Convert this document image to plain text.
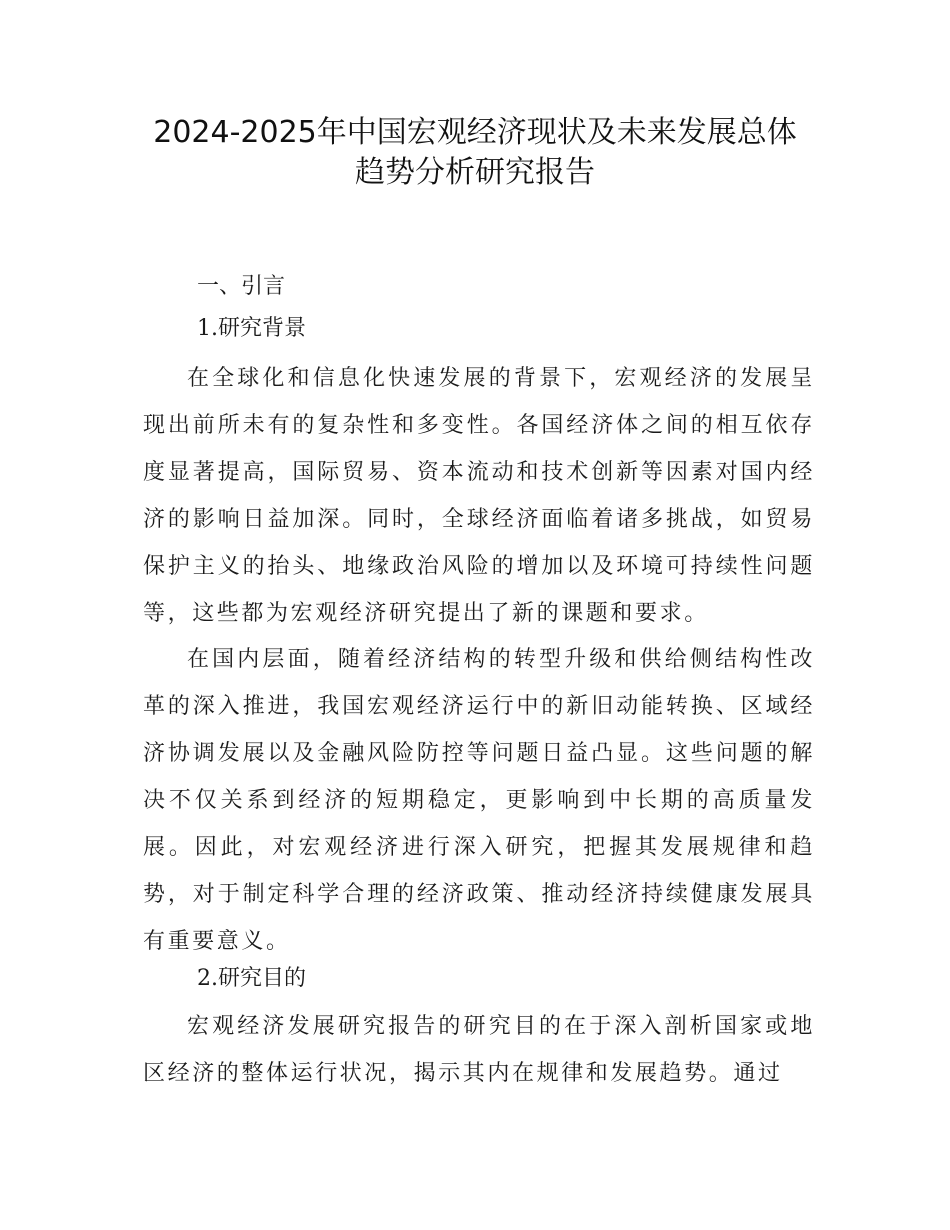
2024-2025年中国宏观经济现状及未来发展总体
趋势分析研究报告
一、引言
1.研究背景

在全球化和信息化快速发展的背景下，宏观经济的发展呈现出前所未有的复杂性和多变性。各国经济体之间的相互依存度显著提高，国际贸易、资本流动和技术创新等因素对国内经济的影响日益加深。同时，全球经济面临着诸多挑战，如贸易保护主义的抬头、地缘政治风险的增加以及环境可持续性问题等，这些都为宏观经济研究提出了新的课题和要求。

在国内层面，随着经济结构的转型升级和供给侧结构性改革的深入推进，我国宏观经济运行中的新旧动能转换、区域经济协调发展以及金融风险防控等问题日益凸显。这些问题的解决不仅关系到经济的短期稳定，更影响到中长期的高质量发展。因此，对宏观经济进行深入研究，把握其发展规律和趋势，对于制定科学合理的经济政策、推动经济持续健康发展具有重要意义。

2.研究目的

宏观经济发展研究报告的研究目的在于深入剖析国家或地区经济的整体运行状况，揭示其内在规律和发展趋势。通过
